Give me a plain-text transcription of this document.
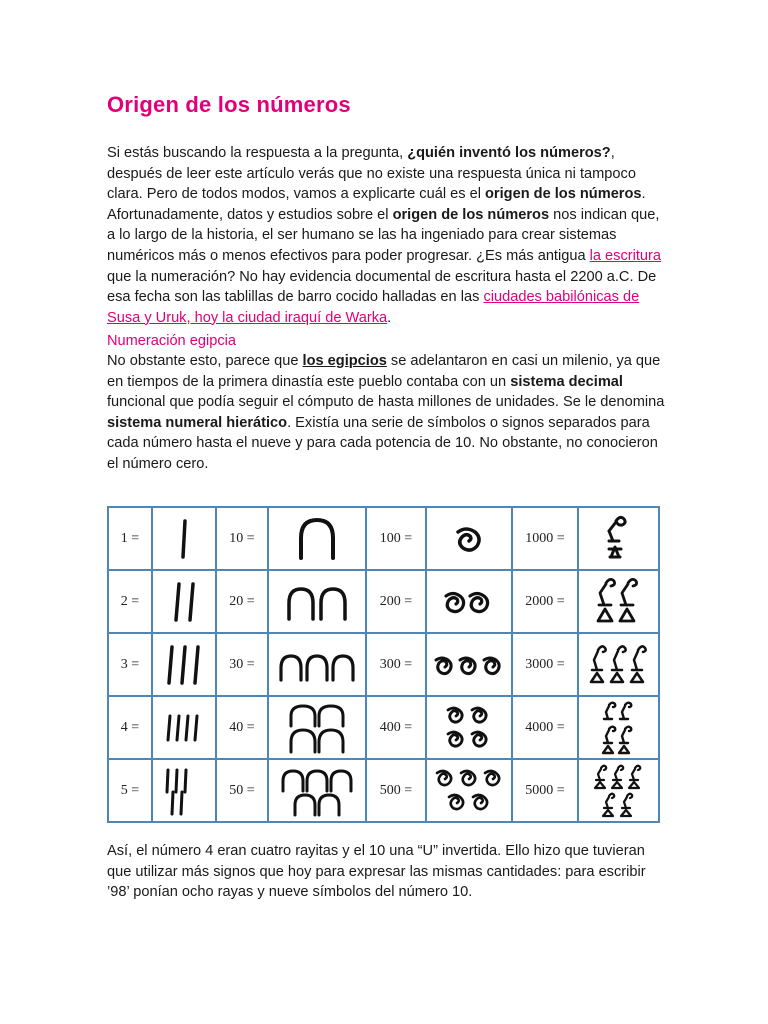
Origen de los números

Si estás buscando la respuesta a la pregunta, ¿quién inventó los números?, después de leer este artículo verás que no existe una respuesta única ni tampoco clara. Pero de todos modos, vamos a explicarte cuál es el origen de los números. Afortunadamente, datos y estudios sobre el origen de los números nos indican que, a lo largo de la historia, el ser humano se las ha ingeniado para crear sistemas numéricos más o menos efectivos para poder progresar. ¿Es más antigua la escritura que la numeración? No hay evidencia documental de escritura hasta el 2200 a.C. De esa fecha son las tablillas de barro cocido halladas en las ciudades babilónicas de Susa y Uruk, hoy la ciudad iraquí de Warka.

Numeración egipcia

No obstante esto, parece que los egipcios se adelantaron en casi un milenio, ya que en tiempos de la primera dinastía este pueblo contaba con un sistema decimal funcional que podía seguir el cómputo de hasta millones de unidades. Se le denomina sistema numeral hierático. Existía una serie de símbolos o signos separados para cada número hasta el nueve y para cada potencia de 10. No obstante, no conocieron el número cero.

1 =		10 =		100 =		1000 =	

2 =		20 =		200 =		2000 =	

3 =		30 =		300 =		3000 =	

4 =		40 =		400 =		4000 =	

5 =		50 =		500 =		5000 =	

Así, el número 4 eran cuatro rayitas y el 10 una “U” invertida. Ello hizo que tuvieran que utilizar más signos que hoy para expresar las mismas cantidades: para escribir ’98’ ponían ocho rayas y nueve símbolos del número 10.
